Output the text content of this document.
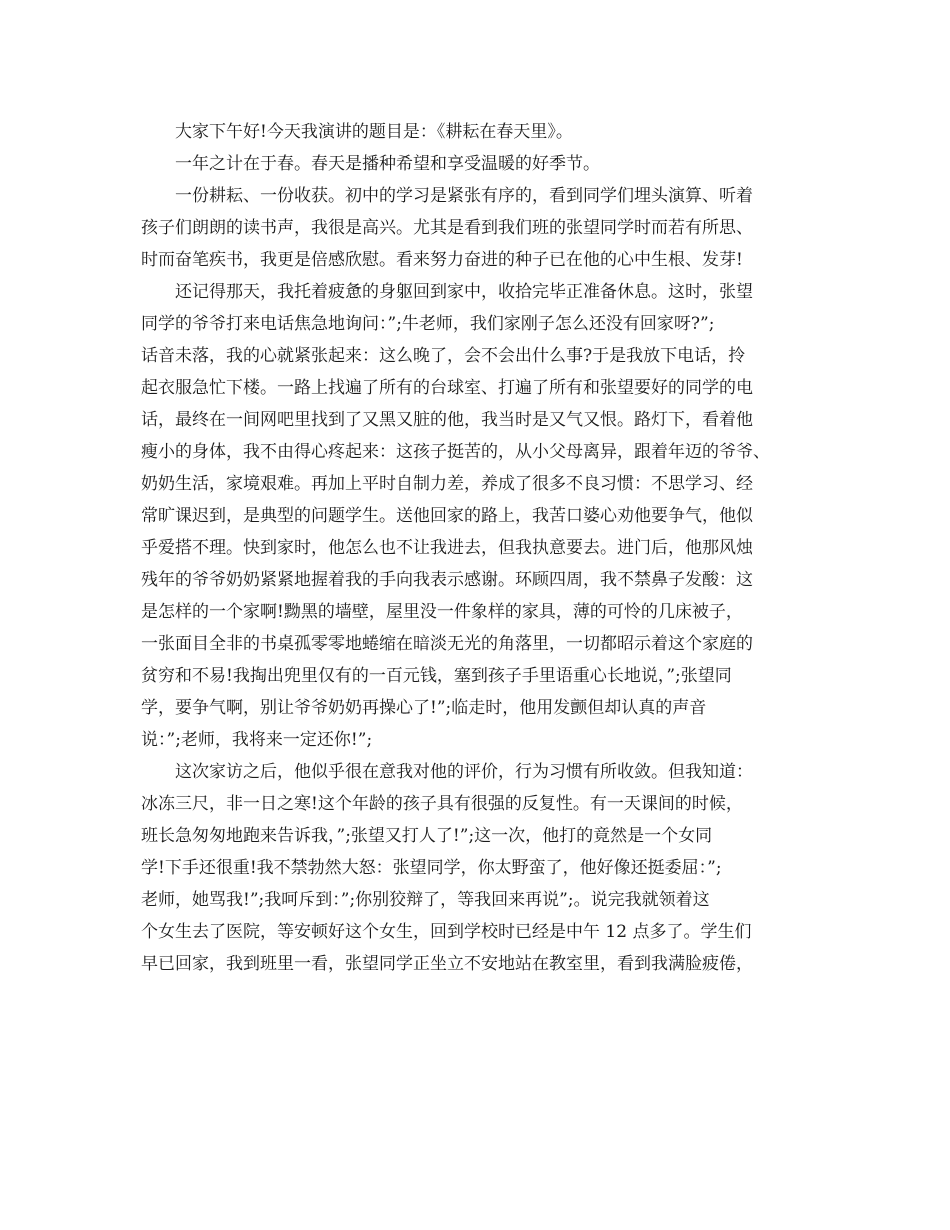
大家下午好!今天我演讲的题目是：《耕耘在春天里》。

一年之计在于春。春天是播种希望和享受温暖的好季节。

一份耕耘、一份收获。初中的学习是紧张有序的，看到同学们埋头演算、听着
孩子们朗朗的读书声，我很是高兴。尤其是看到我们班的张望同学时而若有所思、
时而奋笔疾书，我更是倍感欣慰。看来努力奋进的种子已在他的心中生根、发芽!

还记得那天，我托着疲惫的身躯回到家中，收拾完毕正准备休息。这时，张望
同学的爷爷打来电话焦急地询问：”;牛老师，我们家刚子怎么还没有回家呀?”;
话音未落，我的心就紧张起来：这么晚了，会不会出什么事?于是我放下电话，拎
起衣服急忙下楼。一路上找遍了所有的台球室、打遍了所有和张望要好的同学的电
话，最终在一间网吧里找到了又黑又脏的他，我当时是又气又恨。路灯下，看着他
瘦小的身体，我不由得心疼起来：这孩子挺苦的，从小父母离异，跟着年迈的爷爷、
奶奶生活，家境艰难。再加上平时自制力差，养成了很多不良习惯：不思学习、经
常旷课迟到，是典型的问题学生。送他回家的路上，我苦口婆心劝他要争气，他似
乎爱搭不理。快到家时，他怎么也不让我进去，但我执意要去。进门后，他那风烛
残年的爷爷奶奶紧紧地握着我的手向我表示感谢。环顾四周，我不禁鼻子发酸：这
是怎样的一个家啊!黝黑的墙壁，屋里没一件象样的家具，薄的可怜的几床被子，
一张面目全非的书桌孤零零地蜷缩在暗淡无光的角落里，一切都昭示着这个家庭的
贫穷和不易!我掏出兜里仅有的一百元钱，塞到孩子手里语重心长地说，”;张望同
学，要争气啊，别让爷爷奶奶再操心了!”;临走时，他用发颤但却认真的声音
说：”;老师，我将来一定还你!”;

这次家访之后，他似乎很在意我对他的评价，行为习惯有所收敛。但我知道：
冰冻三尺，非一日之寒!这个年龄的孩子具有很强的反复性。有一天课间的时候，
班长急匆匆地跑来告诉我，”;张望又打人了!”;这一次，他打的竟然是一个女同
学!下手还很重!我不禁勃然大怒：张望同学，你太野蛮了，他好像还挺委屈：”;
老师，她骂我!”;我呵斥到：”;你别狡辩了，等我回来再说”;。说完我就领着这
个女生去了医院，等安顿好这个女生，回到学校时已经是中午 12 点多了。学生们
早已回家，我到班里一看，张望同学正坐立不安地站在教室里，看到我满脸疲倦，
